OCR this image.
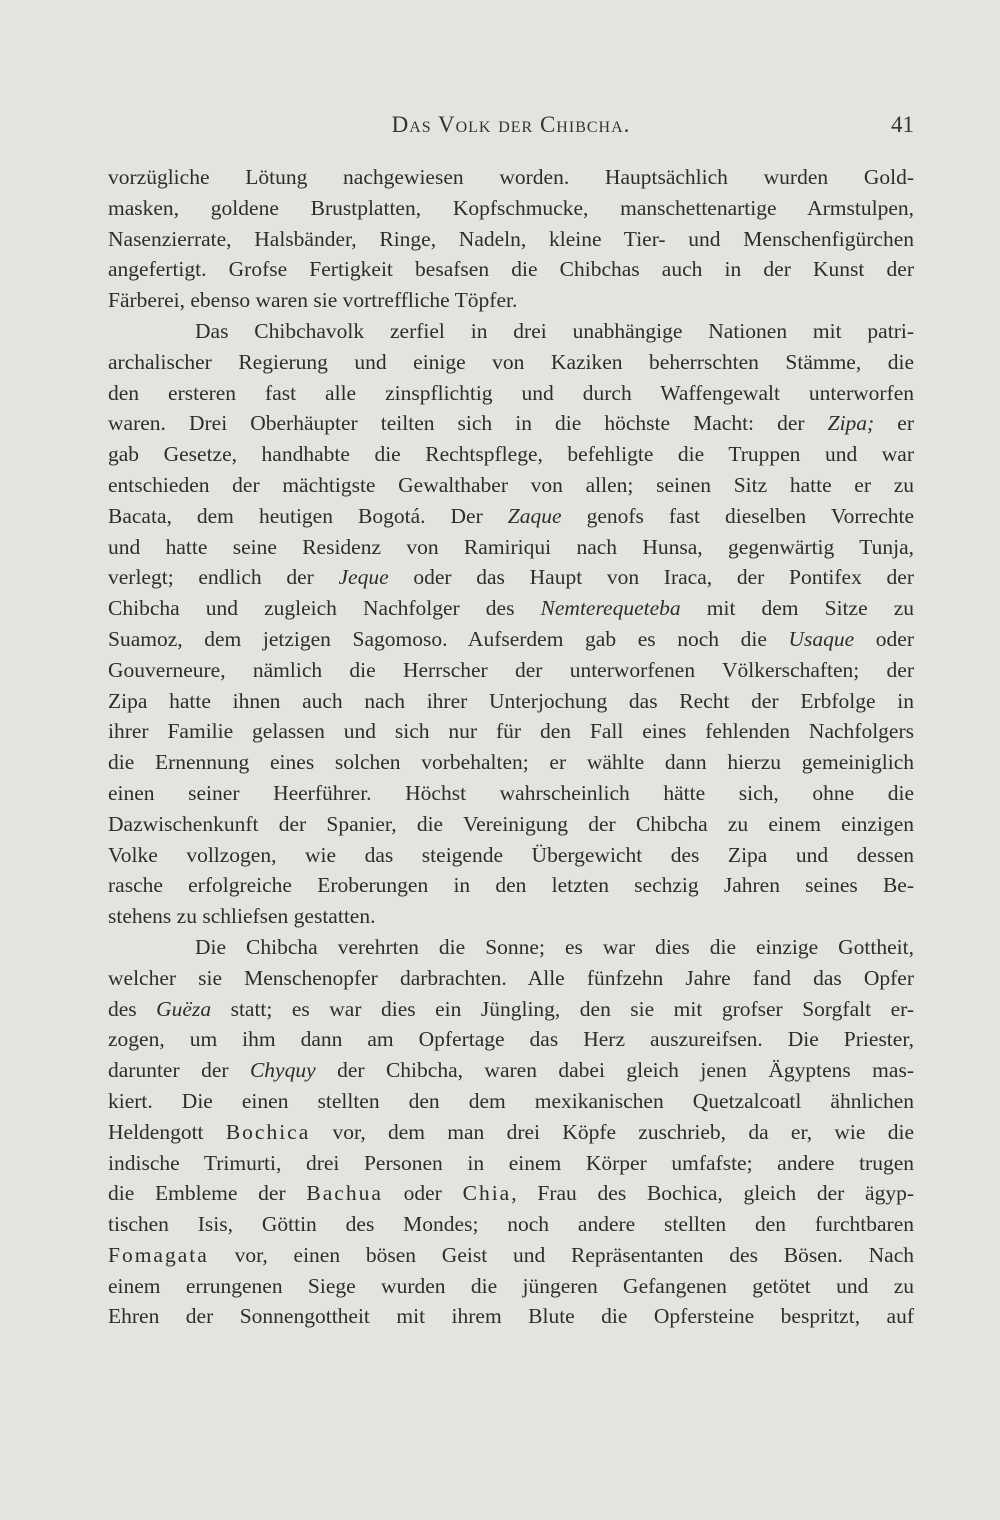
Das Volk der Chibcha.	41
vorzügliche Lötung nachgewiesen worden. Hauptsächlich wurden Gold-
masken, goldene Brustplatten, Kopfschmucke, manschettenartige Armstulpen,
Nasenzierrate, Halsbänder, Ringe, Nadeln, kleine Tier- und Menschenfigürchen
angefertigt. Grofse Fertigkeit besafsen die Chibchas auch in der Kunst der
Färberei, ebenso waren sie vortreffliche Töpfer.
Das Chibchavolk zerfiel in drei unabhängige Nationen mit patri-
archalischer Regierung und einige von Kaziken beherrschten Stämme, die
den ersteren fast alle zinspflichtig und durch Waffengewalt unterworfen
waren. Drei Oberhäupter teilten sich in die höchste Macht: der Zipa; er
gab Gesetze, handhabte die Rechtspflege, befehligte die Truppen und war
entschieden der mächtigste Gewalthaber von allen; seinen Sitz hatte er zu
Bacata, dem heutigen Bogotá. Der Zaque genofs fast dieselben Vorrechte
und hatte seine Residenz von Ramiriqui nach Hunsa, gegenwärtig Tunja,
verlegt; endlich der Jeque oder das Haupt von Iraca, der Pontifex der
Chibcha und zugleich Nachfolger des Nemterequeteba mit dem Sitze zu
Suamoz, dem jetzigen Sagomoso. Aufserdem gab es noch die Usaque oder
Gouverneure, nämlich die Herrscher der unterworfenen Völkerschaften; der
Zipa hatte ihnen auch nach ihrer Unterjochung das Recht der Erbfolge in
ihrer Familie gelassen und sich nur für den Fall eines fehlenden Nachfolgers
die Ernennung eines solchen vorbehalten; er wählte dann hierzu gemeiniglich
einen seiner Heerführer. Höchst wahrscheinlich hätte sich, ohne die
Dazwischenkunft der Spanier, die Vereinigung der Chibcha zu einem einzigen
Volke vollzogen, wie das steigende Übergewicht des Zipa und dessen
rasche erfolgreiche Eroberungen in den letzten sechzig Jahren seines Be-
stehens zu schliefsen gestatten.
Die Chibcha verehrten die Sonne; es war dies die einzige Gottheit,
welcher sie Menschenopfer darbrachten. Alle fünfzehn Jahre fand das Opfer
des Guëza statt; es war dies ein Jüngling, den sie mit grofser Sorgfalt er-
zogen, um ihm dann am Opfertage das Herz auszureifsen. Die Priester,
darunter der Chyquy der Chibcha, waren dabei gleich jenen Ägyptens mas-
kiert. Die einen stellten den dem mexikanischen Quetzalcoatl ähnlichen
Heldengott Bochica vor, dem man drei Köpfe zuschrieb, da er, wie die
indische Trimurti, drei Personen in einem Körper umfafste; andere trugen
die Embleme der Bachua oder Chia, Frau des Bochica, gleich der ägyp-
tischen Isis, Göttin des Mondes; noch andere stellten den furchtbaren
Fomagata vor, einen bösen Geist und Repräsentanten des Bösen. Nach
einem errungenen Siege wurden die jüngeren Gefangenen getötet und zu
Ehren der Sonnengottheit mit ihrem Blute die Opfersteine bespritzt, auf
